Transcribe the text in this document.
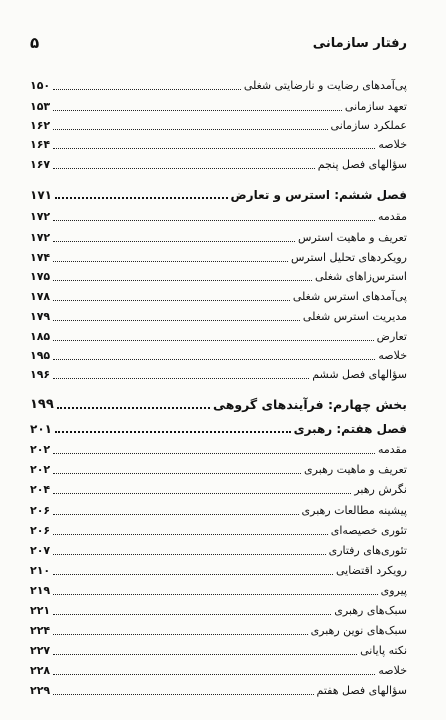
رفتار سازمانی
۵
پی‌آمدهای رضایت و نارضایتی شغلی
۱۵۰
تعهد سازمانی
۱۵۳
عملکرد سازمانی
۱۶۲
خلاصه
۱۶۴
سؤالهای فصل پنجم
۱۶۷
فصل ششم: استرس و تعارض
۱۷۱
مقدمه
۱۷۲
تعریف و ماهیت استرس
۱۷۲
رویکردهای تحلیل استرس
۱۷۴
استرس‌زاهای شغلی
۱۷۵
پی‌آمدهای استرس شغلی
۱۷۸
مدیریت استرس شغلی
۱۷۹
تعارض
۱۸۵
خلاصه
۱۹۵
سؤالهای فصل ششم
۱۹۶
بخش چهارم: فرآیندهای گروهی
۱۹۹
فصل هفتم: رهبری
۲۰۱
مقدمه
۲۰۲
تعریف و ماهیت رهبری
۲۰۲
نگرش رهبر
۲۰۴
پیشینه مطالعات رهبری
۲۰۶
تئوری خصیصه‌ای
۲۰۶
تئوری‌های رفتاری
۲۰۷
رویکرد اقتضایی
۲۱۰
پیروی
۲۱۹
سبک‌های رهبری
۲۲۱
سبک‌های نوین رهبری
۲۲۴
نکته پایانی
۲۲۷
خلاصه
۲۲۸
سؤالهای فصل هفتم
۲۲۹
